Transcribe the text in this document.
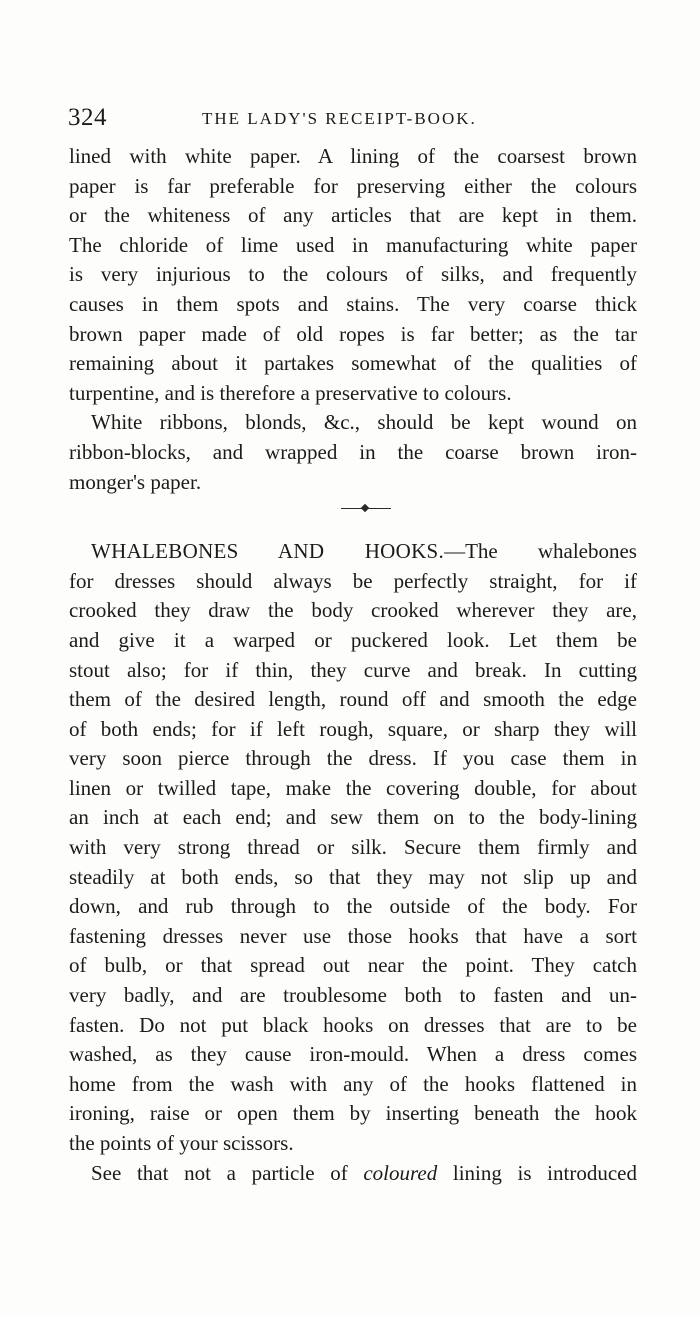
324	THE LADY'S RECEIPT-BOOK.
lined with white paper. A lining of the coarsest brown
paper is far preferable for preserving either the colours
or the whiteness of any articles that are kept in them.
The chloride of lime used in manufacturing white paper
is very injurious to the colours of silks, and frequently
causes in them spots and stains. The very coarse thick
brown paper made of old ropes is far better; as the tar
remaining about it partakes somewhat of the qualities of
turpentine, and is therefore a preservative to colours.
White ribbons, blonds, &c., should be kept wound on
ribbon-blocks, and wrapped in the coarse brown iron-
monger's paper.
WHALEBONES AND HOOKS.—The whalebones
for dresses should always be perfectly straight, for if
crooked they draw the body crooked wherever they are,
and give it a warped or puckered look. Let them be
stout also; for if thin, they curve and break. In cutting
them of the desired length, round off and smooth the edge
of both ends; for if left rough, square, or sharp they will
very soon pierce through the dress. If you case them in
linen or twilled tape, make the covering double, for about
an inch at each end; and sew them on to the body-lining
with very strong thread or silk. Secure them firmly and
steadily at both ends, so that they may not slip up and
down, and rub through to the outside of the body. For
fastening dresses never use those hooks that have a sort
of bulb, or that spread out near the point. They catch
very badly, and are troublesome both to fasten and un-
fasten. Do not put black hooks on dresses that are to be
washed, as they cause iron-mould. When a dress comes
home from the wash with any of the hooks flattened in
ironing, raise or open them by inserting beneath the hook
the points of your scissors.
See that not a particle of coloured lining is introduced
